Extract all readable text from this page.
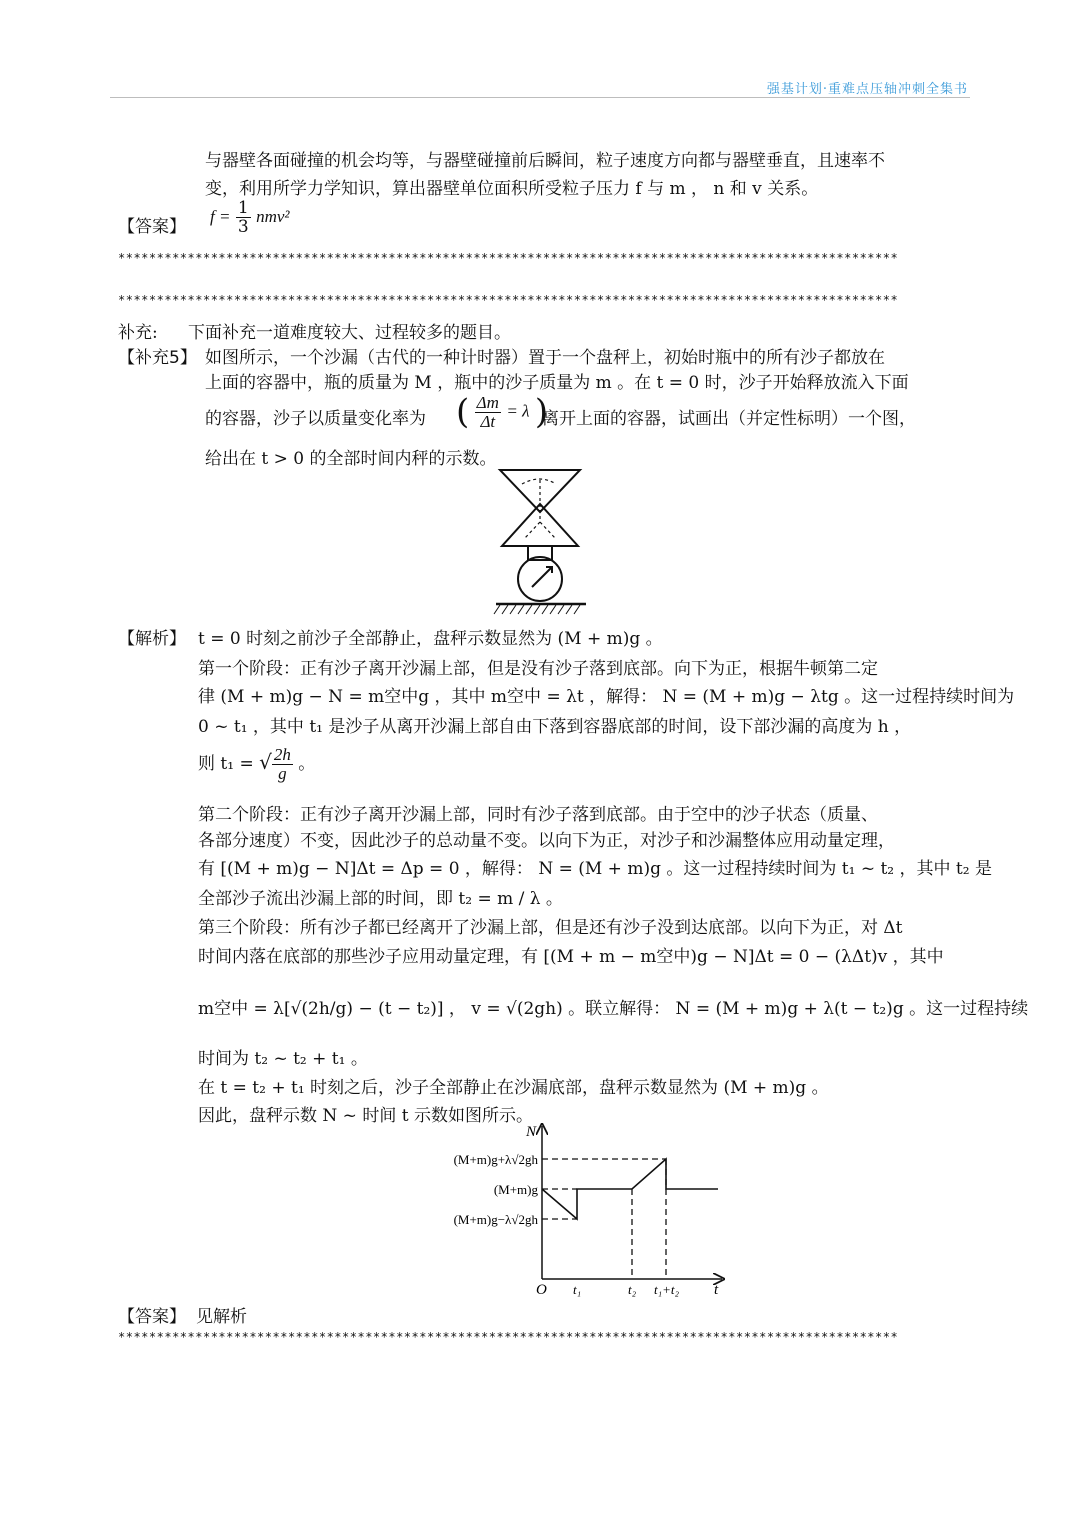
强基计划·重难点压轴冲刺全集书
与器壁各面碰撞的机会均等，与器壁碰撞前后瞬间，粒子速度方向都与器壁垂直，且速率不
变，利用所学力学知识，算出器壁单位面积所受粒子压力 f 与 m ， n 和 v 关系。
【答案】
$f = \frac{1}{3} nmv^2$
*****************************************************************************************************
*****************************************************************************************************
补充: 下面补充一道难度较大、过程较多的题目。
【补充5】 如图所示，一个沙漏（古代的一种计时器）置于一个盘秤上，初始时瓶中的所有沙子都放在
上面的容器中，瓶的质量为 M ，瓶中的沙子质量为 m 。在 t = 0 时，沙子开始释放流入下面
的容器，沙子以质量变化率为 ( $\frac{\Delta m}{\Delta t} = \lambda$ )
离开上面的容器，试画出（并定性标明）一个图，
给出在 t > 0 的全部时间内秤的示数。
【解析】 t = 0 时刻之前沙子全部静止，盘秤示数显然为 (M + m)g 。
第一个阶段：正有沙子离开沙漏上部，但是没有沙子落到底部。向下为正，根据牛顿第二定
律 (M + m)g − N = m空中g ，其中 m空中 = λt ，解得： N = (M + m)g − λtg 。这一过程持续时间为
0 ~ t₁ ，其中 t₁ 是沙子从离开沙漏上部自由下落到容器底部的时间，设下部沙漏的高度为 h ，
则 t₁ = √ $\frac{2h}{g}$ 。
第二个阶段：正有沙子离开沙漏上部，同时有沙子落到底部。由于空中的沙子状态（质量、
各部分速度）不变，因此沙子的总动量不变。以向下为正，对沙子和沙漏整体应用动量定理，
有 [(M + m)g − N]Δt = Δp = 0 ，解得： N = (M + m)g 。这一过程持续时间为 t₁ ~ t₂ ，其中 t₂ 是
全部沙子流出沙漏上部的时间，即 t₂ = m / λ 。
第三个阶段：所有沙子都已经离开了沙漏上部，但是还有沙子没到达底部。以向下为正，对 Δt
时间内落在底部的那些沙子应用动量定理，有 [(M + m − m空中)g − N]Δt = 0 − (λΔt)v ，其中
m空中 = λ[√(2h/g) − (t − t₂)] ， v = √(2gh) 。联立解得： N = (M + m)g + λ(t − t₂)g 。这一过程持续
时间为 t₂ ~ t₂ + t₁ 。
在 t = t₂ + t₁ 时刻之后，沙子全部静止在沙漏底部，盘秤示数显然为 (M + m)g 。
因此，盘秤示数 N ~ 时间 t 示数如图所示。
N
t
O t₁	t₂ t₁+t₂
(M+m)g+λ√2gh
(M+m)g
(M+m)g−λ√2gh
【答案】 见解析
*****************************************************************************************************
